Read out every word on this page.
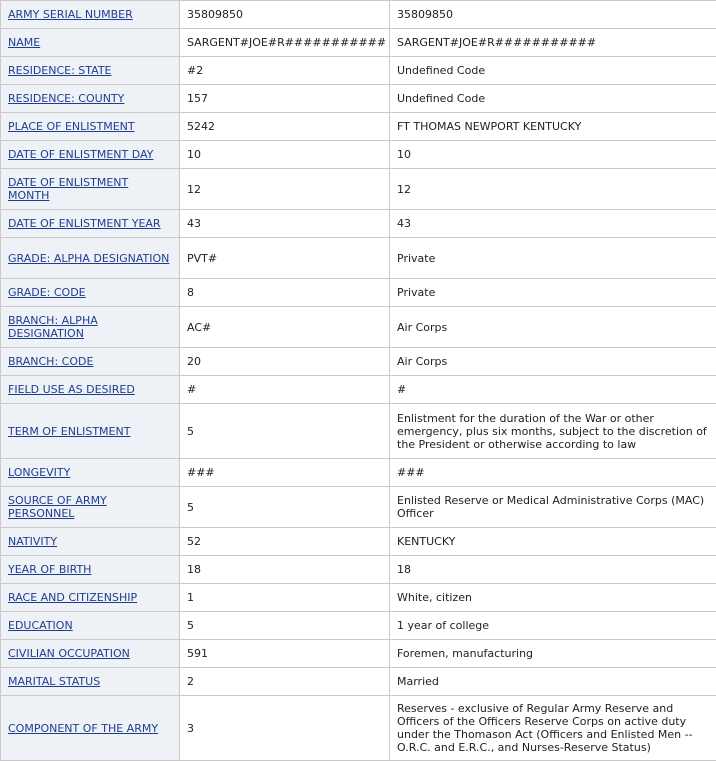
ARMY SERIAL NUMBER	35809850	35809850
NAME	SARGENT#JOE#R###########	SARGENT#JOE#R###########
RESIDENCE: STATE	#2	Undefined Code
RESIDENCE: COUNTY	157	Undefined Code
PLACE OF ENLISTMENT	5242	FT THOMAS NEWPORT KENTUCKY
DATE OF ENLISTMENT DAY	10	10
DATE OF ENLISTMENT MONTH	12	12
DATE OF ENLISTMENT YEAR	43	43
GRADE: ALPHA DESIGNATION	PVT#	Private
GRADE: CODE	8	Private
BRANCH: ALPHA DESIGNATION	AC#	Air Corps
BRANCH: CODE	20	Air Corps
FIELD USE AS DESIRED	#	#
TERM OF ENLISTMENT	5	Enlistment for the duration of the War or other emergency, plus six months, subject to the discretion of the President or otherwise according to law
LONGEVITY	###	###
SOURCE OF ARMY PERSONNEL	5	Enlisted Reserve or Medical Administrative Corps (MAC) Officer
NATIVITY	52	KENTUCKY
YEAR OF BIRTH	18	18
RACE AND CITIZENSHIP	1	White, citizen
EDUCATION	5	1 year of college
CIVILIAN OCCUPATION	591	Foremen, manufacturing
MARITAL STATUS	2	Married
COMPONENT OF THE ARMY	3	Reserves - exclusive of Regular Army Reserve and Officers of the Officers Reserve Corps on active duty under the Thomason Act (Officers and Enlisted Men -- O.R.C. and E.R.C., and Nurses-Reserve Status)
